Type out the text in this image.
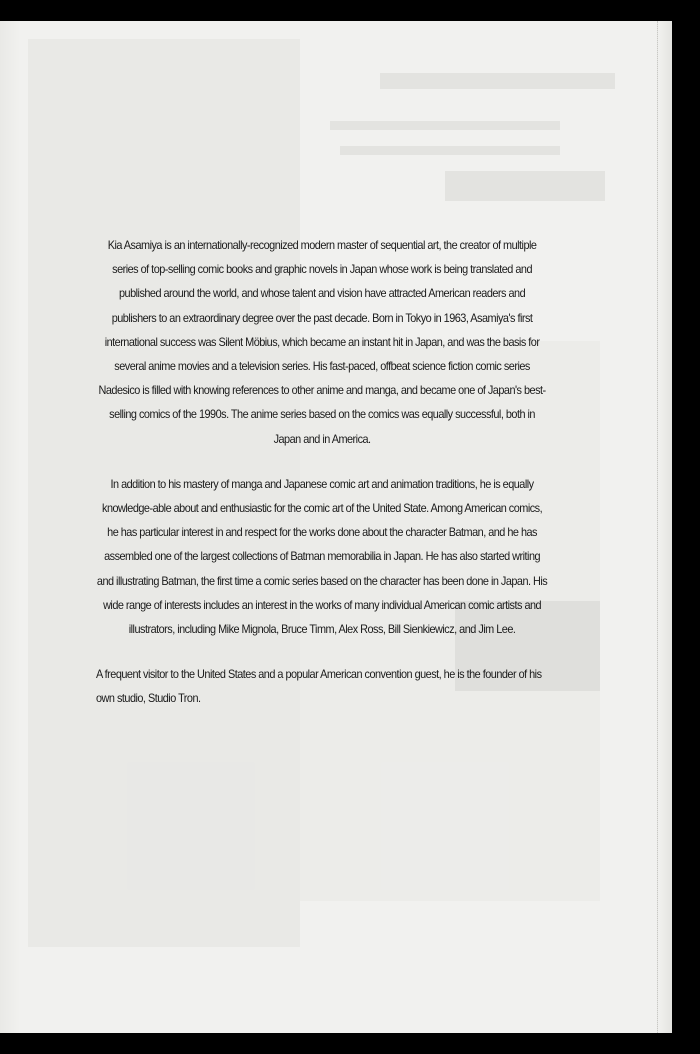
Kia Asamiya is an internationally-recognized modern master of sequential art, the creator of multiple series of top-selling comic books and graphic novels in Japan whose work is being translated and published around the world, and whose talent and vision have attracted American readers and publishers to an extraordinary degree over the past decade. Born in Tokyo in 1963, Asamiya's first international success was Silent Möbius, which became an instant hit in Japan, and was the basis for several anime movies and a television series. His fast-paced, offbeat science fiction comic series Nadesico is filled with knowing references to other anime and manga, and became one of Japan's best-selling comics of the 1990s. The anime series based on the comics was equally successful, both in Japan and in America.

In addition to his mastery of manga and Japanese comic art and animation traditions, he is equally knowledge-able about and enthusiastic for the comic art of the United State. Among American comics, he has particular interest in and respect for the works done about the character Batman, and he has assembled one of the largest collections of Batman memorabilia in Japan. He has also started writing and illustrating Batman, the first time a comic series based on the character has been done in Japan. His wide range of interests includes an interest in the works of many individual American comic artists and illustrators, including Mike Mignola, Bruce Timm, Alex Ross, Bill Sienkiewicz, and Jim Lee.

A frequent visitor to the United States and a popular American convention guest, he is the founder of his own studio, Studio Tron.
